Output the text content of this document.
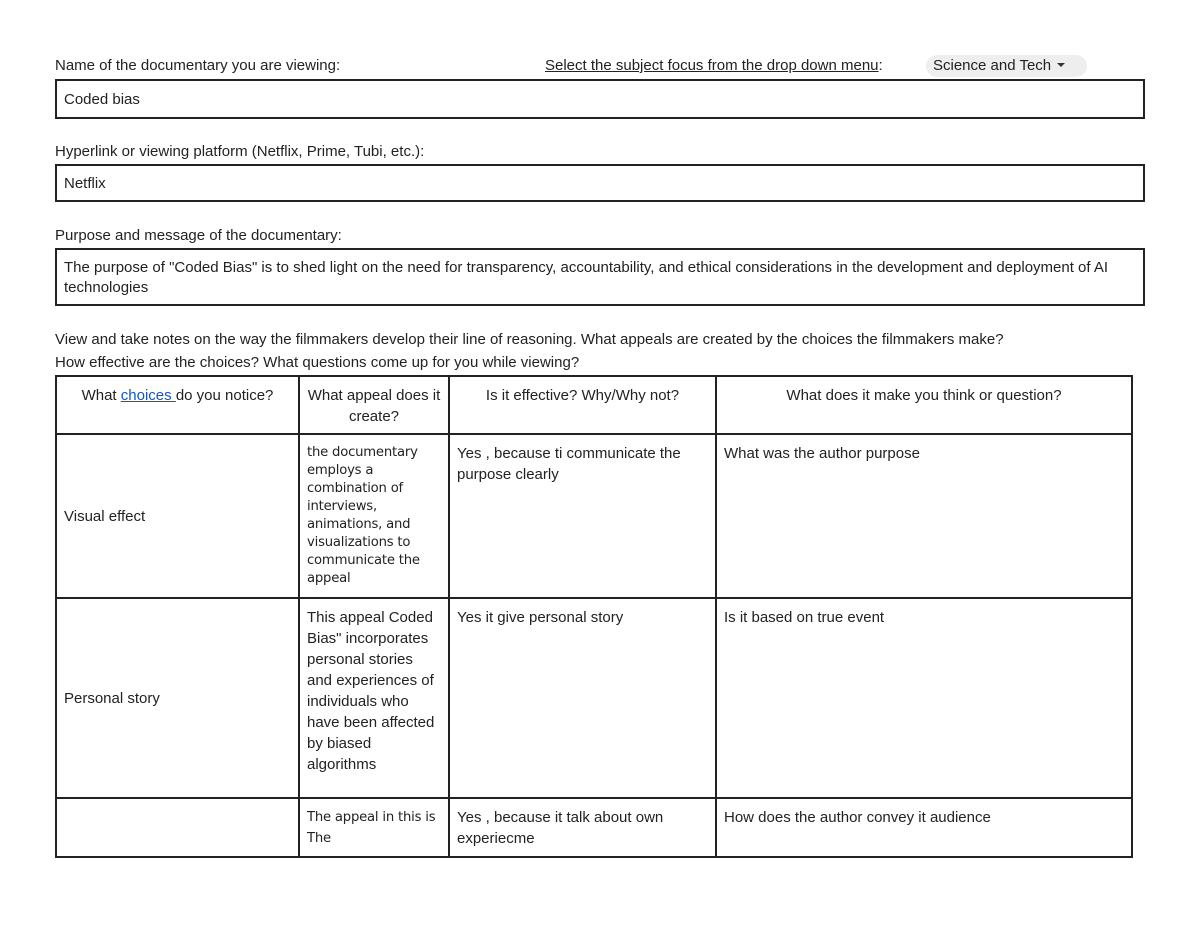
Name of the documentary you are viewing:	Select the subject focus from the drop down menu:	Science and Tech
Coded bias
Hyperlink or viewing platform (Netflix, Prime, Tubi, etc.):
Netflix
Purpose and message of the documentary:
The purpose of "Coded Bias" is to shed light on the need for transparency, accountability, and ethical considerations in the development and deployment of AI technologies
View and take notes on the way the filmmakers develop their line of reasoning. What appeals are created by the choices the filmmakers make?
How effective are the choices? What questions come up for you while viewing?
What choices do you notice?	What appeal does it create?	Is it effective? Why/Why not?	What does it make you think or question?
Visual effect	the documentary employs a combination of interviews, animations, and visualizations to communicate the appeal	Yes , because ti communicate the purpose clearly	What was the author purpose
Personal story	This appeal Coded Bias" incorporates personal stories and experiences of individuals who have been affected by biased algorithms	Yes it give personal story	Is it based on true event
	The appeal in this is The	Yes , because it talk about own experiecme	How does the author convey it audience
